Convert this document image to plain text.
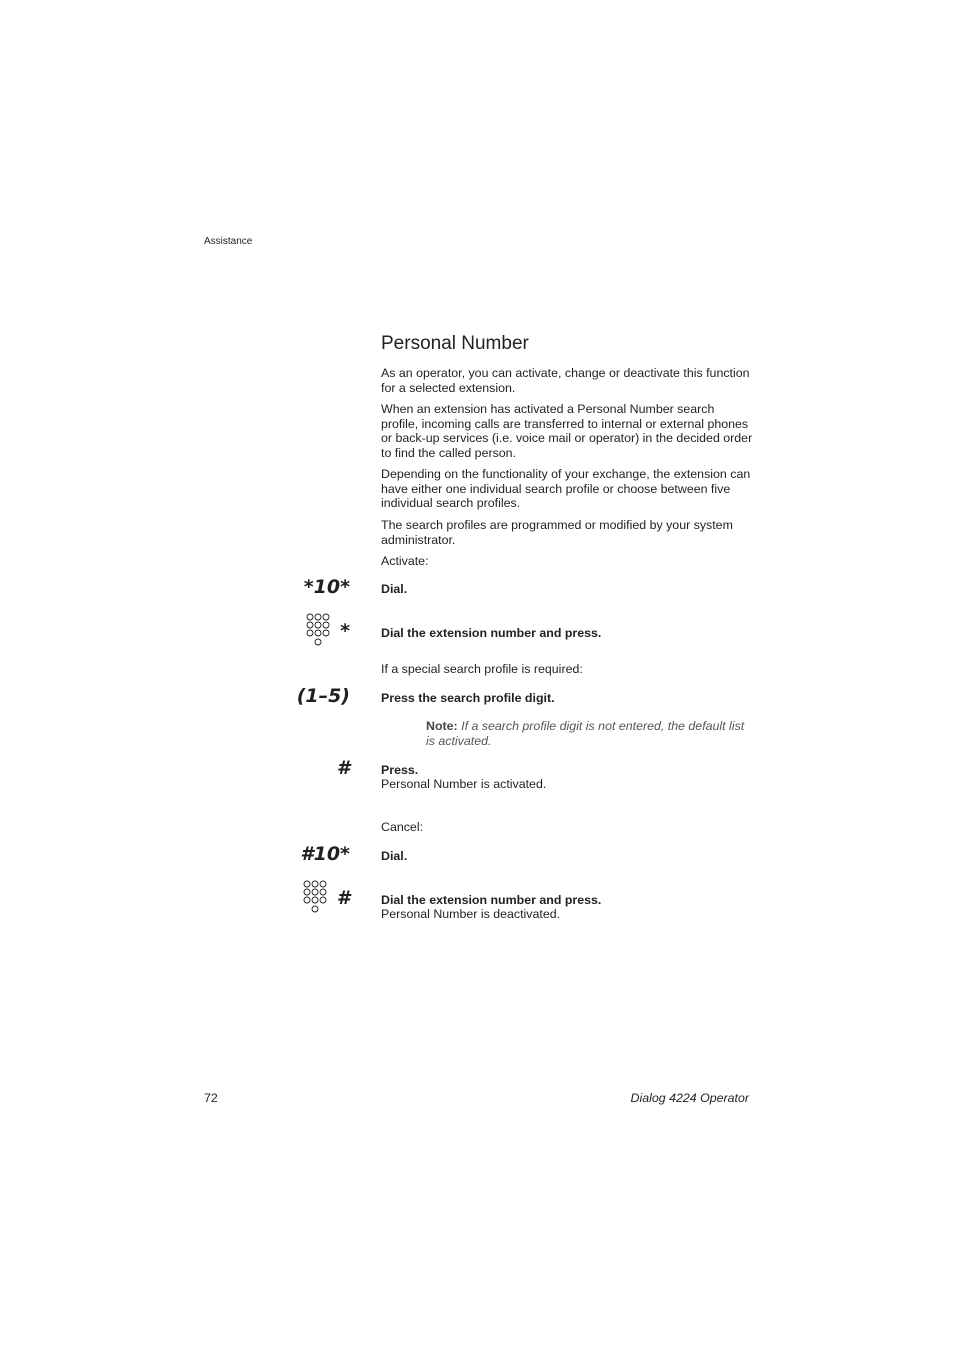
Assistance
Personal Number

As an operator, you can activate, change or deactivate this function for a selected extension.

When an extension has activated a Personal Number search profile, incoming calls are transferred to internal or external phones or back-up services (i.e. voice mail or operator) in the decided order to find the called person.

Depending on the functionality of your exchange, the extension can have either one individual search profile or choose between five individual search profiles.

The search profiles are programmed or modified by your system administrator.

Activate:

*10*	Dial.

*	Dial the extension number and press.

If a special search profile is required:

(1–5)	Press the search profile digit.

Note: If a search profile digit is not entered, the default list is activated.
#	Press.

Personal Number is activated.

Cancel:

#10*	Dial.

#	Dial the extension number and press.

Personal Number is deactivated.

72	Dialog 4224 Operator
